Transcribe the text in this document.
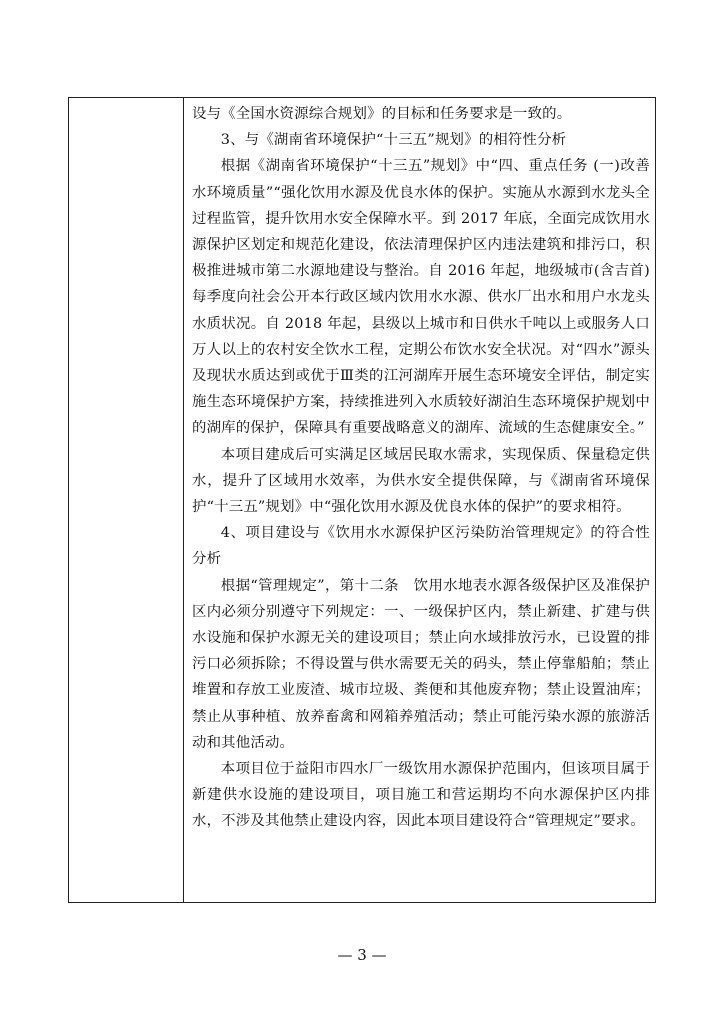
设与《全国水资源综合规划》的目标和任务要求是一致的。

3、与《湖南省环境保护“十三五”规划》的相符性分析

根据《湖南省环境保护“十三五”规划》中“四、重点任务 (一)改善水环境质量”“强化饮用水源及优良水体的保护。实施从水源到水龙头全过程监管，提升饮用水安全保障水平。到 2017 年底，全面完成饮用水源保护区划定和规范化建设，依法清理保护区内违法建筑和排污口，积极推进城市第二水源地建设与整治。自 2016 年起，地级城市(含吉首)每季度向社会公开本行政区域内饮用水水源、供水厂出水和用户水龙头水质状况。自 2018 年起，县级以上城市和日供水千吨以上或服务人口万人以上的农村安全饮水工程，定期公布饮水安全状况。对“四水”源头及现状水质达到或优于Ⅲ类的江河湖库开展生态环境安全评估，制定实施生态环境保护方案，持续推进列入水质较好湖泊生态环境保护规划中的湖库的保护，保障具有重要战略意义的湖库、流域的生态健康安全。”

本项目建成后可实满足区域居民取水需求，实现保质、保量稳定供水，提升了区域用水效率，为供水安全提供保障，与《湖南省环境保护“十三五”规划》中“强化饮用水源及优良水体的保护”的要求相符。

4、项目建设与《饮用水水源保护区污染防治管理规定》的符合性分析

根据“管理规定”，第十二条　饮用水地表水源各级保护区及准保护区内必须分别遵守下列规定：一、一级保护区内，禁止新建、扩建与供水设施和保护水源无关的建设项目；禁止向水域排放污水，已设置的排污口必须拆除；不得设置与供水需要无关的码头，禁止停靠船舶；禁止堆置和存放工业废渣、城市垃圾、粪便和其他废弃物；禁止设置油库；禁止从事种植、放养畜禽和网箱养殖活动；禁止可能污染水源的旅游活动和其他活动。

本项目位于益阳市四水厂一级饮用水源保护范围内，但该项目属于新建供水设施的建设项目，项目施工和营运期均不向水源保护区内排水，不涉及其他禁止建设内容，因此本项目建设符合“管理规定”要求。

— 3 —
